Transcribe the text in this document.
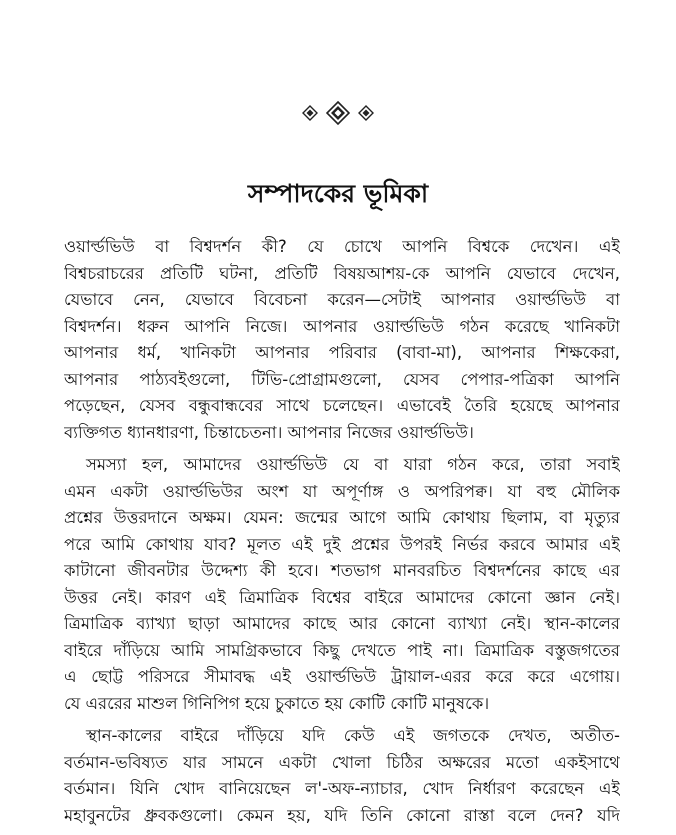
সম্পাদকের ভূমিকা

ওয়ার্ল্ডভিউ বা বিশ্বদর্শন কী? যে চোখে আপনি বিশ্বকে দেখেন। এই
বিশ্বচরাচরের প্রতিটি ঘটনা, প্রতিটি বিষয়আশয়-কে আপনি যেভাবে দেখেন,
যেভাবে নেন, যেভাবে বিবেচনা করেন—সেটাই আপনার ওয়ার্ল্ডভিউ বা
বিশ্বদর্শন। ধরুন আপনি নিজে। আপনার ওয়ার্ল্ডভিউ গঠন করেছে খানিকটা
আপনার ধর্ম, খানিকটা আপনার পরিবার (বাবা-মা), আপনার শিক্ষকেরা,
আপনার পাঠ্যবইগুলো, টিভি-প্রোগ্রামগুলো, যেসব পেপার-পত্রিকা আপনি
পড়েছেন, যেসব বন্ধুবান্ধবের সাথে চলেছেন। এভাবেই তৈরি হয়েছে আপনার
ব্যক্তিগত ধ্যানধারণা, চিন্তাচেতনা। আপনার নিজের ওয়ার্ল্ডভিউ।

সমস্যা হল, আমাদের ওয়ার্ল্ডভিউ যে বা যারা গঠন করে, তারা সবাই
এমন একটা ওয়ার্ল্ডভিউর অংশ যা অপূর্ণাঙ্গ ও অপরিপক্ব। যা বহু মৌলিক
প্রশ্নের উত্তরদানে অক্ষম। যেমন: জন্মের আগে আমি কোথায় ছিলাম, বা মৃত্যুর
পরে আমি কোথায় যাব? মূলত এই দুই প্রশ্নের উপরই নির্ভর করবে আমার এই
কাটানো জীবনটার উদ্দেশ্য কী হবে। শতভাগ মানবরচিত বিশ্বদর্শনের কাছে এর
উত্তর নেই। কারণ এই ত্রিমাত্রিক বিশ্বের বাইরে আমাদের কোনো জ্ঞান নেই।
ত্রিমাত্রিক ব্যাখ্যা ছাড়া আমাদের কাছে আর কোনো ব্যাখ্যা নেই। স্থান-কালের
বাইরে দাঁড়িয়ে আমি সামগ্রিকভাবে কিছু দেখতে পাই না। ত্রিমাত্রিক বস্তুজগতের
এ ছোট্ট পরিসরে সীমাবদ্ধ এই ওয়ার্ল্ডভিউ ট্রায়াল-এরর করে করে এগোয়।
যে এররের মাশুল গিনিপিগ হয়ে চুকাতে হয় কোটি কোটি মানুষকে।

স্থান-কালের বাইরে দাঁড়িয়ে যদি কেউ এই জগতকে দেখত, অতীত-
বর্তমান-ভবিষ্যত যার সামনে একটা খোলা চিঠির অক্ষরের মতো একইসাথে
বর্তমান। যিনি খোদ বানিয়েছেন ল'-অফ-ন্যাচার, খোদ নির্ধারণ করেছেন এই
মহাবুনটের ধ্রুবকগুলো। কেমন হয়, যদি তিনি কোনো রাস্তা বলে দেন? যদি
